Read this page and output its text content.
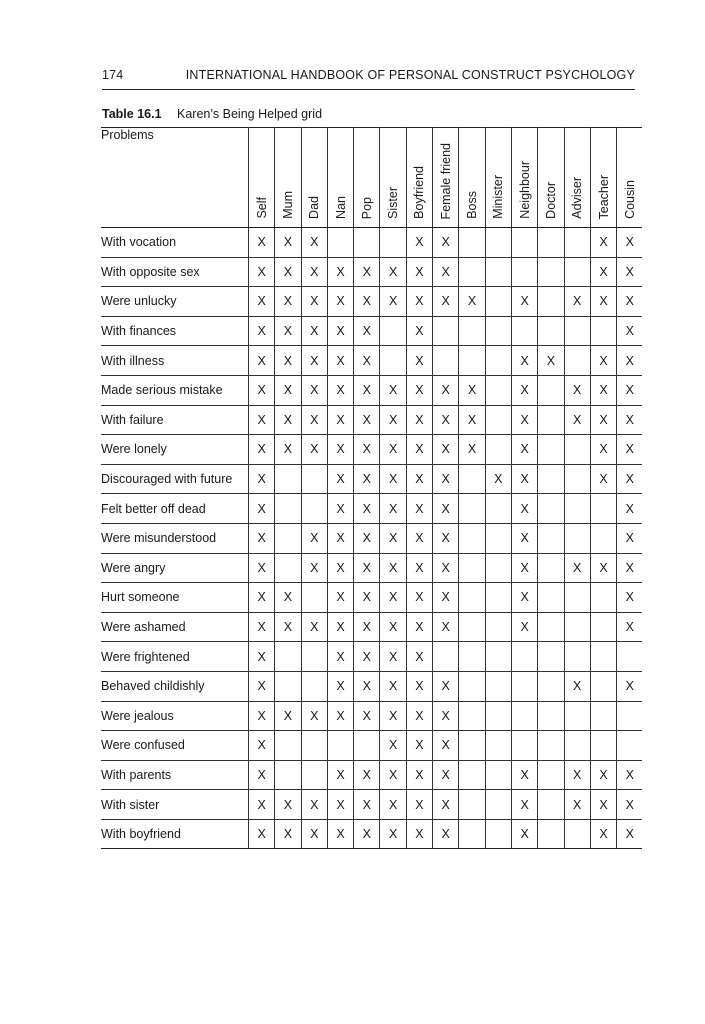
174	INTERNATIONAL HANDBOOK OF PERSONAL CONSTRUCT PSYCHOLOGY
Table 16.1 Karen’s Being Helped grid
Problems	Self	Mum	Dad	Nan	Pop	Sister	Boyfriend	Female friend	Boss	Minister	Neighbour	Doctor	Adviser	Teacher	Cousin

With vocation	X	X	X				X	X						X	X
With opposite sex	X	X	X	X	X	X	X	X						X	X
Were unlucky	X	X	X	X	X	X	X	X	X		X		X	X	X
With finances	X	X	X	X	X		X								X
With illness	X	X	X	X	X		X				X	X		X	X
Made serious mistake	X	X	X	X	X	X	X	X	X		X		X	X	X
With failure	X	X	X	X	X	X	X	X	X		X		X	X	X
Were lonely	X	X	X	X	X	X	X	X	X		X			X	X
Discouraged with future	X			X	X	X	X	X		X	X			X	X
Felt better off dead	X			X	X	X	X	X			X				X
Were misunderstood	X		X	X	X	X	X	X			X				X
Were angry	X		X	X	X	X	X	X			X		X	X	X
Hurt someone	X	X		X	X	X	X	X			X				X
Were ashamed	X	X	X	X	X	X	X	X			X				X
Were frightened	X			X	X	X	X								
Behaved childishly	X			X	X	X	X	X					X		X
Were jealous	X	X	X	X	X	X	X	X							
Were confused	X					X	X	X							
With parents	X			X	X	X	X	X			X		X	X	X
With sister	X	X	X	X	X	X	X	X			X		X	X	X
With boyfriend	X	X	X	X	X	X	X	X			X			X	X
